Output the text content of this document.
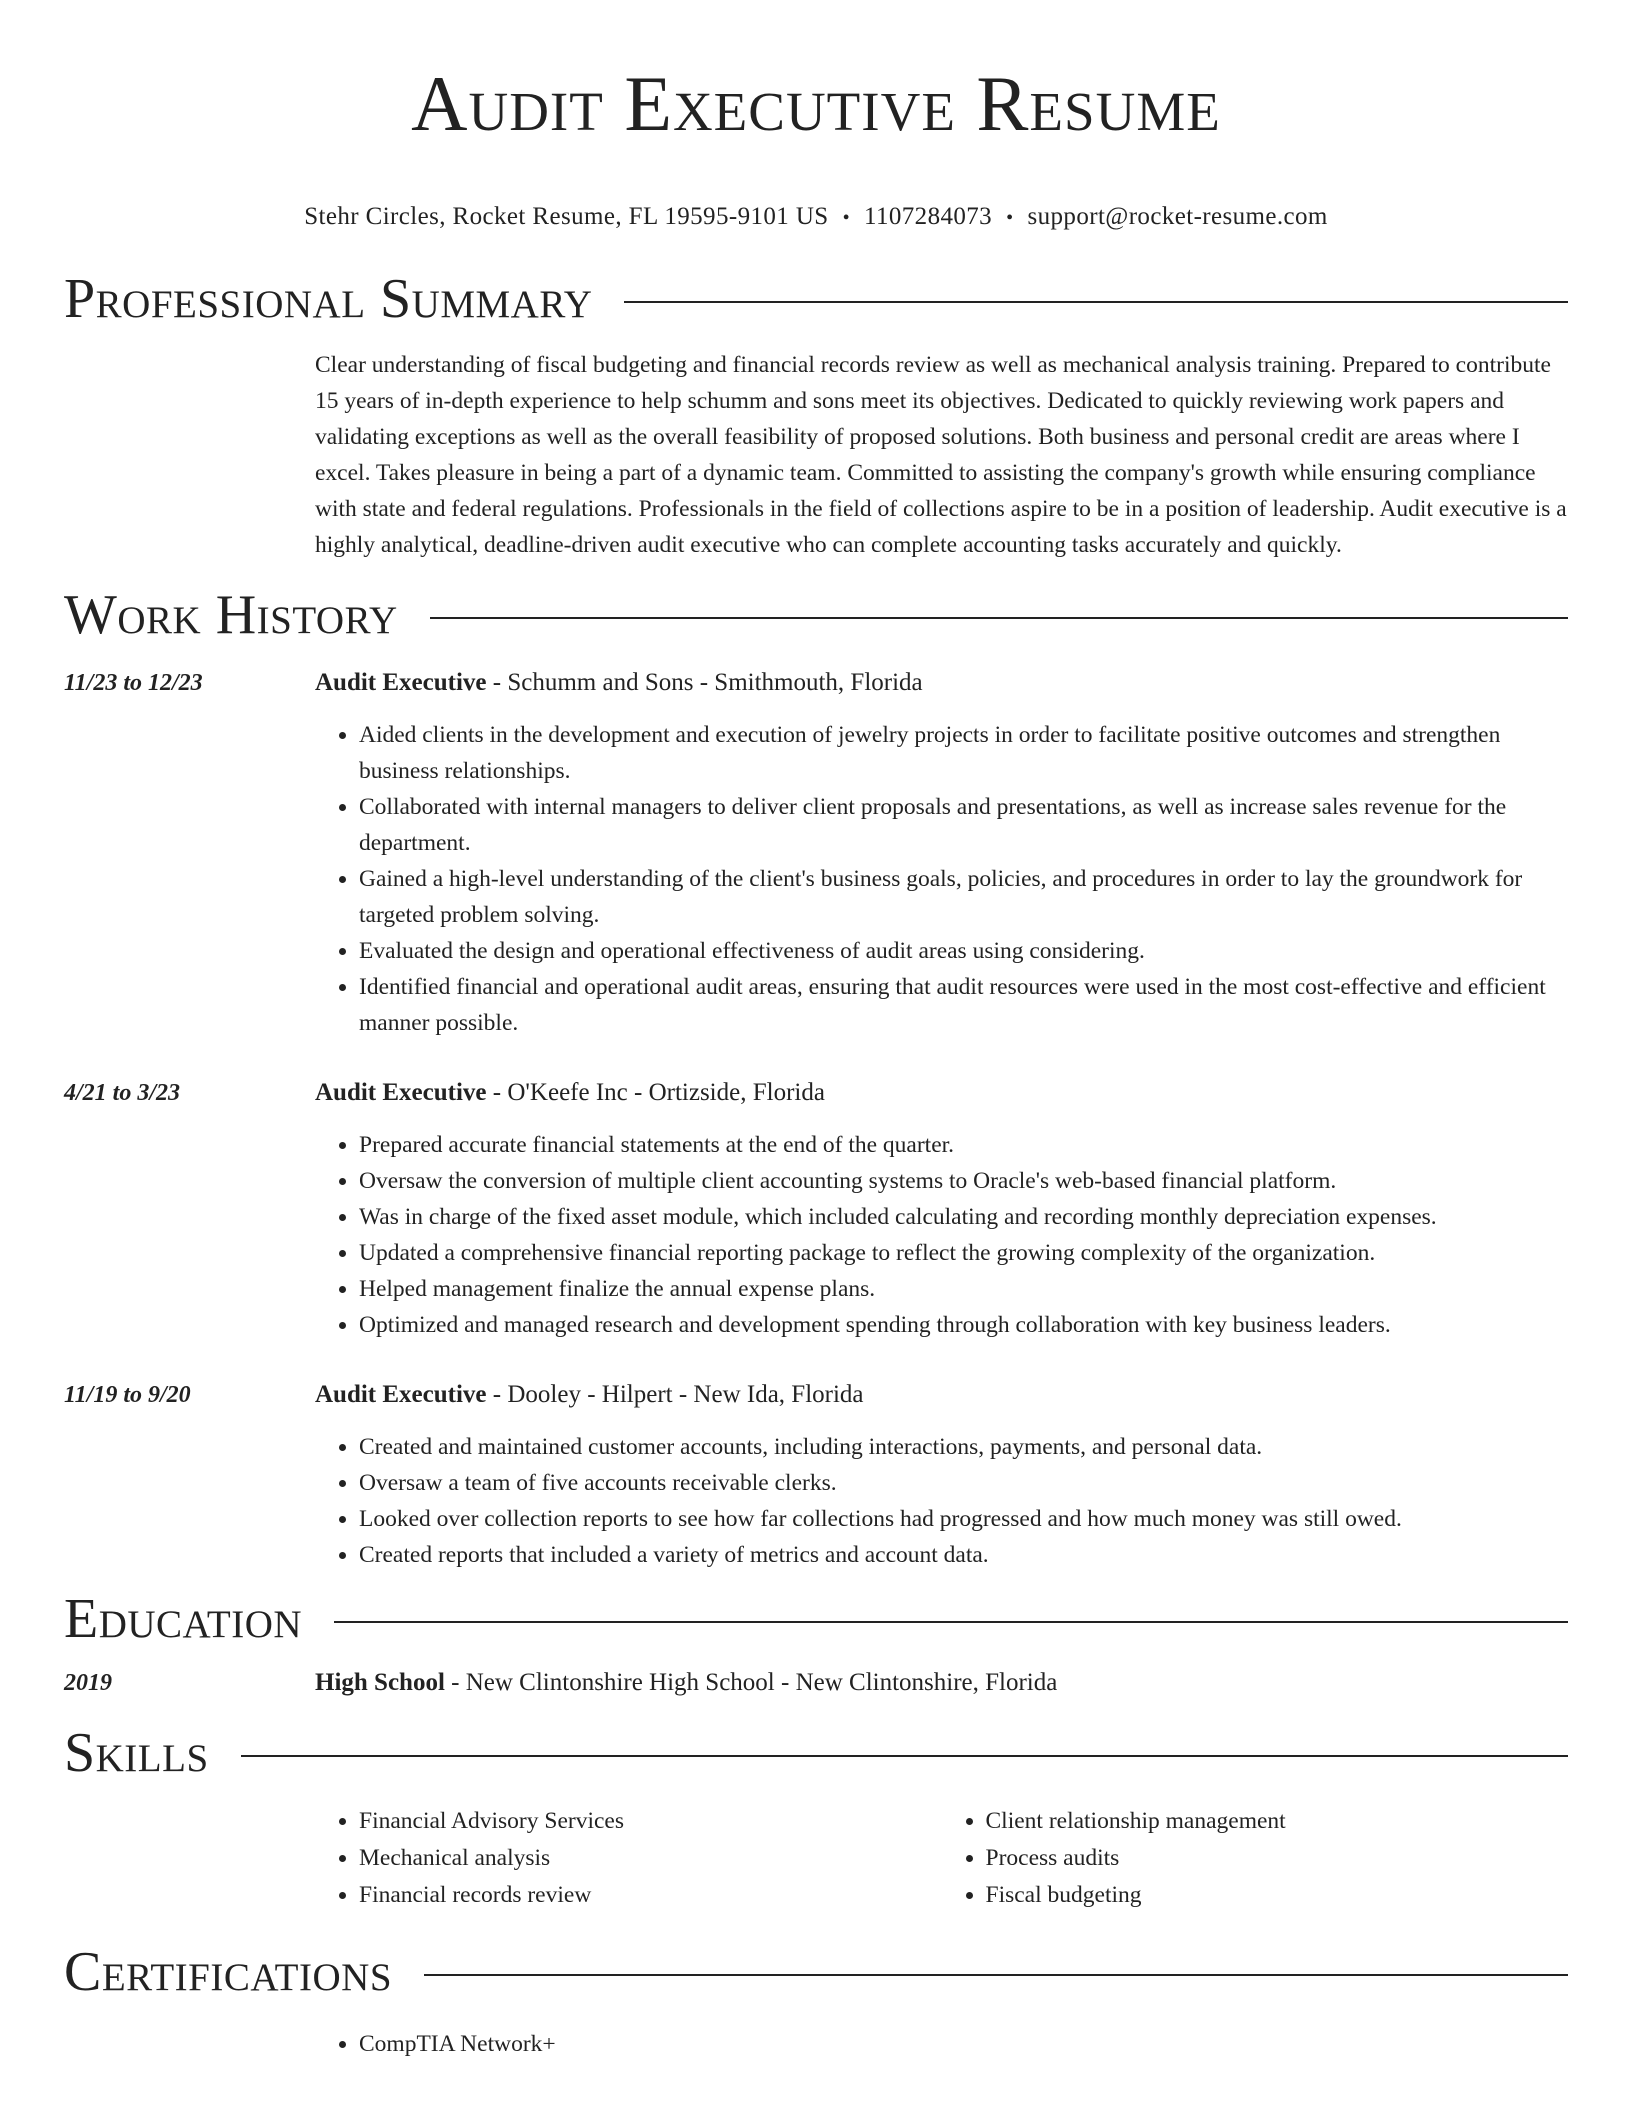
Audit Executive Resume
Stehr Circles, Rocket Resume, FL 19595-9101 US • 1107284073 • support@rocket-resume.com
Professional Summary
Clear understanding of fiscal budgeting and financial records review as well as mechanical analysis training. Prepared to contribute 15 years of in-depth experience to help schumm and sons meet its objectives. Dedicated to quickly reviewing work papers and validating exceptions as well as the overall feasibility of proposed solutions. Both business and personal credit are areas where I excel. Takes pleasure in being a part of a dynamic team. Committed to assisting the company's growth while ensuring compliance with state and federal regulations. Professionals in the field of collections aspire to be in a position of leadership. Audit executive is a highly analytical, deadline-driven audit executive who can complete accounting tasks accurately and quickly.
Work History
11/23 to 12/23	Audit Executive - Schumm and Sons - Smithmouth, Florida
• Aided clients in the development and execution of jewelry projects in order to facilitate positive outcomes and strengthen business relationships.
• Collaborated with internal managers to deliver client proposals and presentations, as well as increase sales revenue for the department.
• Gained a high-level understanding of the client's business goals, policies, and procedures in order to lay the groundwork for targeted problem solving.
• Evaluated the design and operational effectiveness of audit areas using considering.
• Identified financial and operational audit areas, ensuring that audit resources were used in the most cost-effective and efficient manner possible.
4/21 to 3/23	Audit Executive - O'Keefe Inc - Ortizside, Florida
• Prepared accurate financial statements at the end of the quarter.
• Oversaw the conversion of multiple client accounting systems to Oracle's web-based financial platform.
• Was in charge of the fixed asset module, which included calculating and recording monthly depreciation expenses.
• Updated a comprehensive financial reporting package to reflect the growing complexity of the organization.
• Helped management finalize the annual expense plans.
• Optimized and managed research and development spending through collaboration with key business leaders.
11/19 to 9/20	Audit Executive - Dooley - Hilpert - New Ida, Florida
• Created and maintained customer accounts, including interactions, payments, and personal data.
• Oversaw a team of five accounts receivable clerks.
• Looked over collection reports to see how far collections had progressed and how much money was still owed.
• Created reports that included a variety of metrics and account data.
Education
2019	High School - New Clintonshire High School - New Clintonshire, Florida
Skills
• Financial Advisory Services
• Mechanical analysis
• Financial records review
• Client relationship management
• Process audits
• Fiscal budgeting
Certifications
• CompTIA Network+
